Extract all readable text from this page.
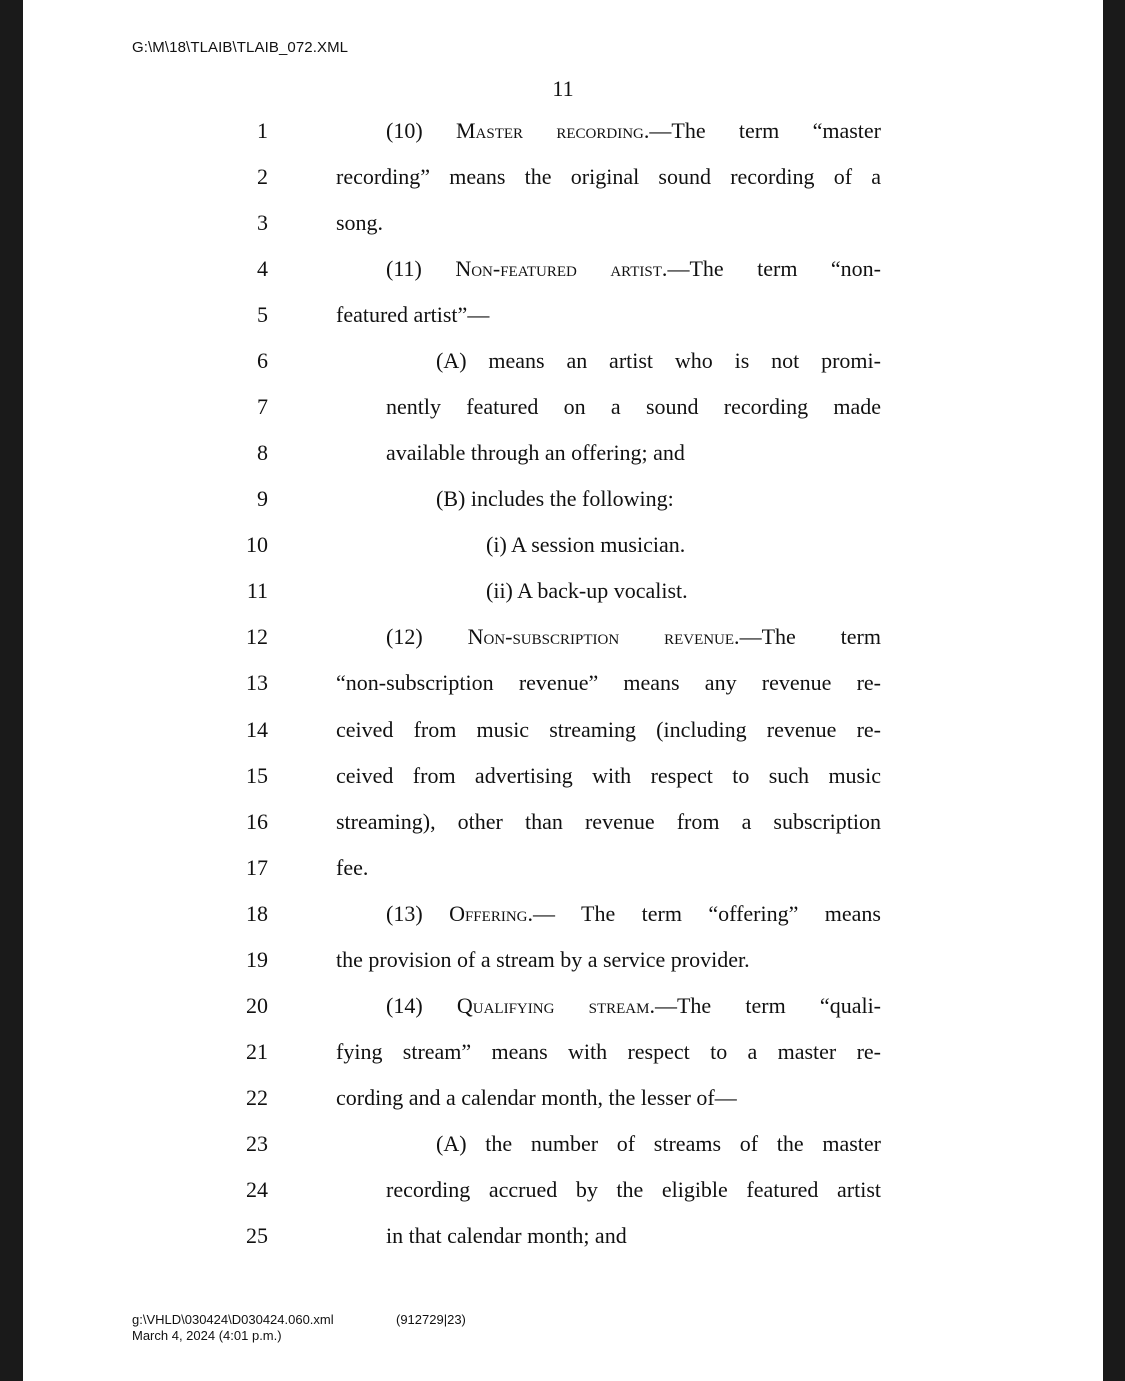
G:\M\18\TLAIB\TLAIB_072.XML
11
1	(10) Master recording.—The term “master
2	recording” means the original sound recording of a
3	song.
4	(11) Non-featured artist.—The term “non-
5	featured artist”—
6	(A) means an artist who is not promi-
7	nently featured on a sound recording made
8	available through an offering; and
9	(B) includes the following:
10	(i) A session musician.
11	(ii) A back-up vocalist.
12	(12) Non-subscription revenue.—The term
13	“non-subscription revenue” means any revenue re-
14	ceived from music streaming (including revenue re-
15	ceived from advertising with respect to such music
16	streaming), other than revenue from a subscription
17	fee.
18	(13) Offering.— The term “offering” means
19	the provision of a stream by a service provider.
20	(14) Qualifying stream.—The term “quali-
21	fying stream” means with respect to a master re-
22	cording and a calendar month, the lesser of—
23	(A) the number of streams of the master
24	recording accrued by the eligible featured artist
25	in that calendar month; and
g:\VHLD\030424\D030424.060.xml
March 4, 2024 (4:01 p.m.)
(912729|23)
